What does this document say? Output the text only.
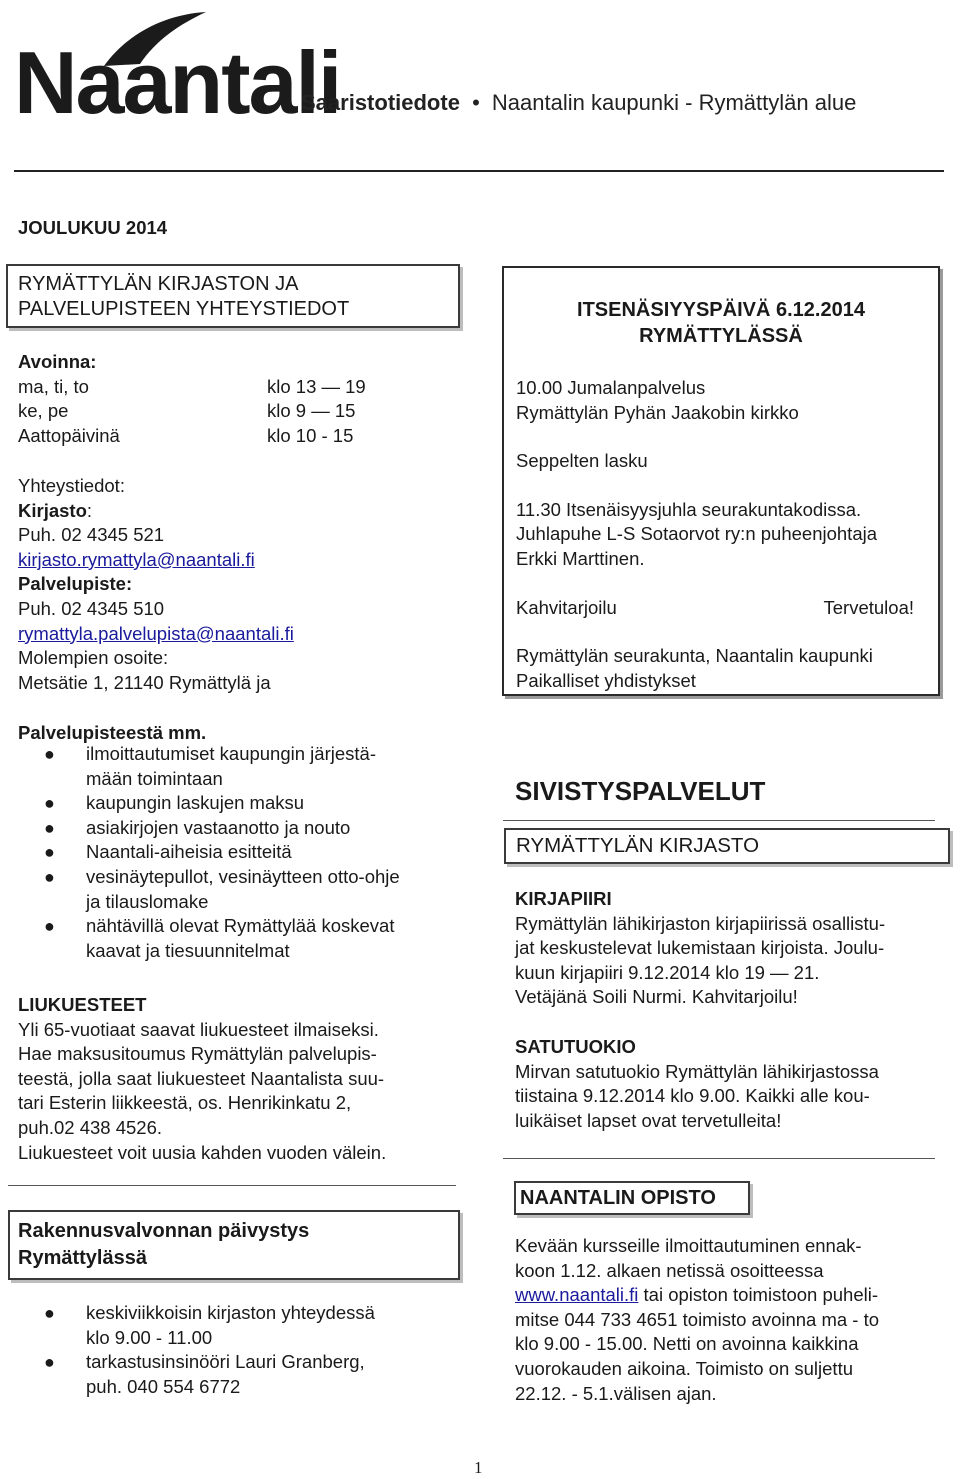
Naantali
Saaristotiedote • Naantalin kaupunki - Rymättylän alue
JOULUKUU 2014
RYMÄTTYLÄN KIRJASTON JA
PALVELUPISTEEN YHTEYSTIEDOT
Avoinna:
ma, ti, to	klo 13 — 19
ke, pe	klo 9 — 15
Aattopäivinä	klo 10 - 15
Yhteystiedot:
Kirjasto:
Puh. 02 4345 521
kirjasto.rymattyla@naantali.fi
Palvelupiste:
Puh. 02 4345 510
rymattyla.palvelupista@naantali.fi
Molempien osoite:
Metsätie 1, 21140 Rymättylä ja
Palvelupisteestä mm.
● ilmoittautumiset kaupungin järjestä-
mään toimintaan
● kaupungin laskujen maksu
● asiakirjojen vastaanotto ja nouto
● Naantali-aiheisia esitteitä
● vesinäytepullot, vesinäytteen otto-ohje
ja tilauslomake
● nähtävillä olevat Rymättylää koskevat
kaavat ja tiesuunnitelmat
LIUKUESTEET
Yli 65-vuotiaat saavat liukuesteet ilmaiseksi.
Hae maksusitoumus Rymättylän palvelupis-
teestä, jolla saat liukuesteet Naantalista suu-
tari Esterin liikkeestä, os. Henrikinkatu 2,
puh.02 438 4526.
Liukuesteet voit uusia kahden vuoden välein.
Rakennusvalvonnan päivystys
Rymättylässä
● keskiviikkoisin kirjaston yhteydessä
klo 9.00 - 11.00
● tarkastusinsinööri Lauri Granberg,
puh. 040 554 6772
ITSENÄSIYYSPÄIVÄ 6.12.2014
RYMÄTTYLÄSSÄ
10.00 Jumalanpalvelus
Rymättylän Pyhän Jaakobin kirkko
Seppelten lasku
11.30 Itsenäisyysjuhla seurakuntakodissa.
Juhlapuhe L-S Sotaorvot ry:n puheenjohtaja
Erkki Marttinen.
Kahvitarjoilu	Tervetuloa!
Rymättylän seurakunta, Naantalin kaupunki
Paikalliset yhdistykset
SIVISTYSPALVELUT
RYMÄTTYLÄN KIRJASTO
KIRJAPIIRI
Rymättylän lähikirjaston kirjapiirissä osallistu-
jat keskustelevat lukemistaan kirjoista. Joulu-
kuun kirjapiiri 9.12.2014 klo 19 — 21.
Vetäjänä Soili Nurmi. Kahvitarjoilu!
SATUTUOKIO
Mirvan satutuokio Rymättylän lähikirjastossa
tiistaina 9.12.2014 klo 9.00. Kaikki alle kou-
luikäiset lapset ovat tervetulleita!
NAANTALIN OPISTO
Kevään kursseille ilmoittautuminen ennak-
koon 1.12. alkaen netissä osoitteessa
www.naantali.fi tai opiston toimistoon puheli-
mitse 044 733 4651 toimisto avoinna ma - to
klo 9.00 - 15.00. Netti on avoinna kaikkina
vuorokauden aikoina. Toimisto on suljettu
22.12. - 5.1.välisen ajan.
1
